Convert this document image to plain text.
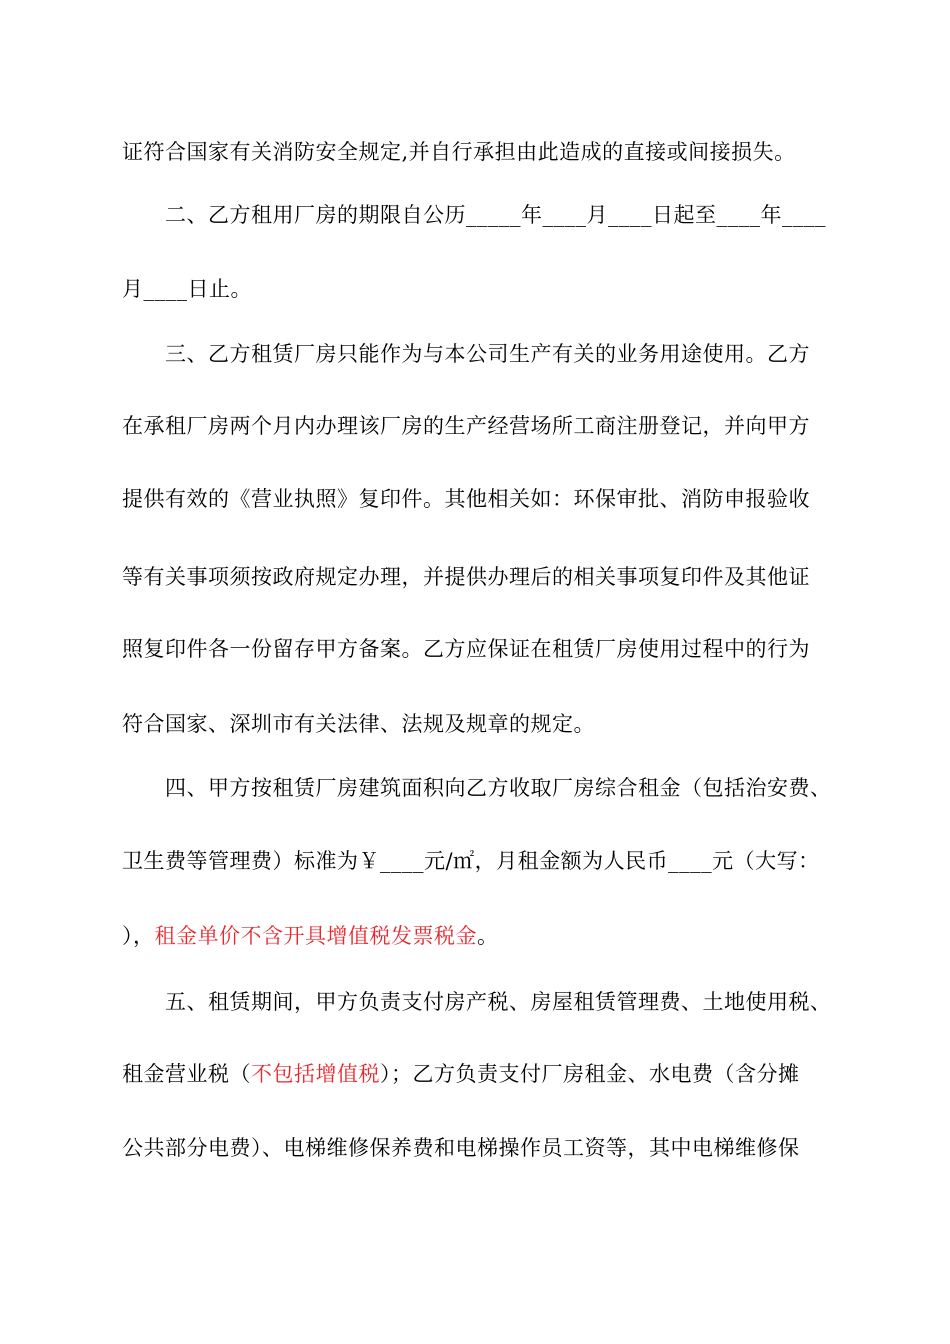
证符合国家有关消防安全规定,并自行承担由此造成的直接或间接损失。
二、乙方租用厂房的期限自公历_____年____月____日起至____年____
月____日止。
三、乙方租赁厂房只能作为与本公司生产有关的业务用途使用。乙方
在承租厂房两个月内办理该厂房的生产经营场所工商注册登记，并向甲方
提供有效的《营业执照》复印件。其他相关如：环保审批、消防申报验收
等有关事项须按政府规定办理，并提供办理后的相关事项复印件及其他证
照复印件各一份留存甲方备案。乙方应保证在租赁厂房使用过程中的行为
符合国家、深圳市有关法律、法规及规章的规定。
四、甲方按租赁厂房建筑面积向乙方收取厂房综合租金（包括治安费、
卫生费等管理费）标准为￥____元/㎡，月租金额为人民币____元（大写：
），租金单价不含开具增值税发票税金。
五、租赁期间，甲方负责支付房产税、房屋租赁管理费、土地使用税、
租金营业税（不包括增值税）；乙方负责支付厂房租金、水电费（含分摊
公共部分电费）、电梯维修保养费和电梯操作员工资等，其中电梯维修保
